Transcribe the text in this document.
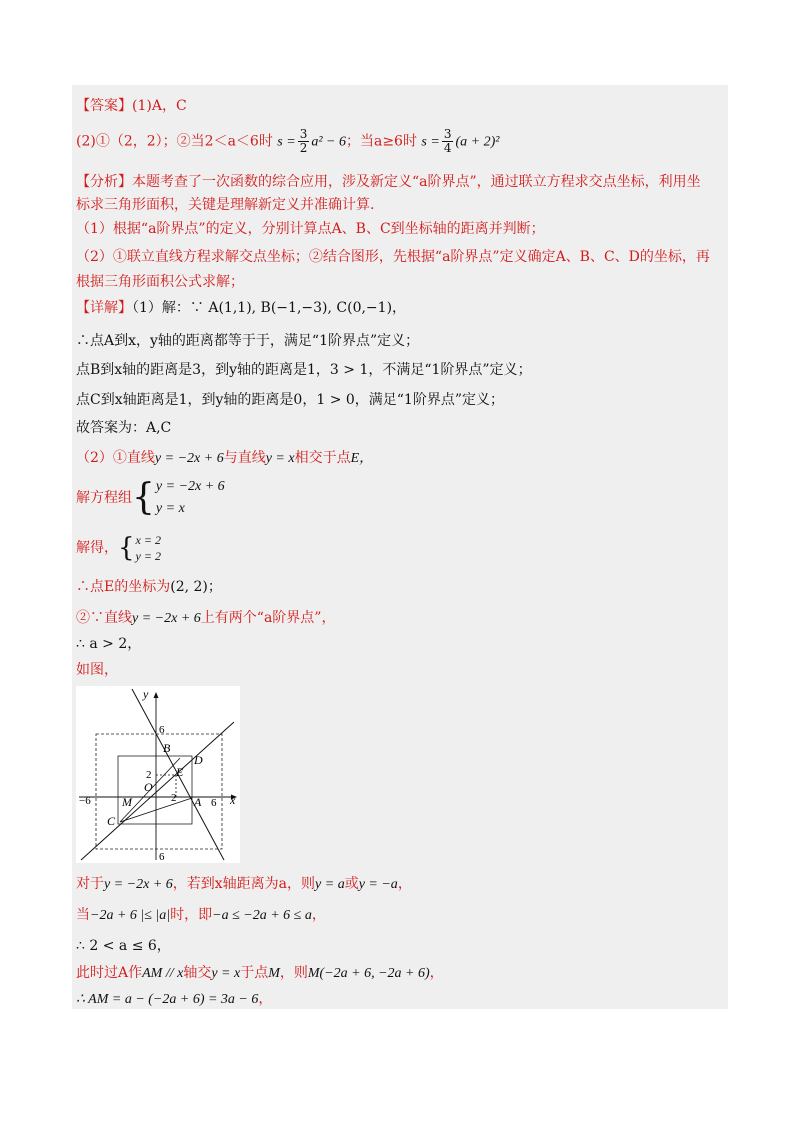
【答案】(1)A，C
(2)①（2，2）；②当2＜a＜6时 $s = \frac{3}{2} a^2 - 6$；当a≥6时 $s = \frac{3}{4} (a + 2)^2$
【分析】本题考查了一次函数的综合应用，涉及新定义“a阶界点”，通过联立方程求交点坐标，利用坐
标求三角形面积，关键是理解新定义并准确计算.
（1）根据“a阶界点”的定义，分别计算点A、B、C到坐标轴的距离并判断；
（2）①联立直线方程求解交点坐标；②结合图形，先根据“a阶界点”定义确定A、B、C、D的坐标，再
根据三角形面积公式求解；
【详解】（1）解：∵ A(1,1), B(−1,−3), C(0,−1)，
∴点A到x，y轴的距离都等于于，满足“1阶界点”定义；
点B到x轴的距离是3，到y轴的距离是1，3 > 1，不满足“1阶界点”定义；
点C到x轴距离是1，到y轴的距离是0，1 > 0，满足“1阶界点”定义；
故答案为：A,C
（2）①直线y = −2x + 6与直线y = x相交于点E，
解方程组{ y = −2x + 6
y = x
解得，{ x = 2
y = 2
∴点E的坐标为(2, 2)；
②∵直线y = −2x + 6上有两个“a阶界点”，
∴ a > 2，
如图，
y
x
6
6
−6	6
2
2
O
A
B
C
D
E
M
对于y = −2x + 6，若到x轴距离为a，则y = a或y = −a，
当−2a + 6 |≤ |a|时，即−a ≤ −2a + 6 ≤ a，
∴ 2 < a ≤ 6，
此时过A作AM // x轴交y = x于点M，则M(−2a + 6, −2a + 6)，
∴ AM = a − (−2a + 6) = 3a − 6，
